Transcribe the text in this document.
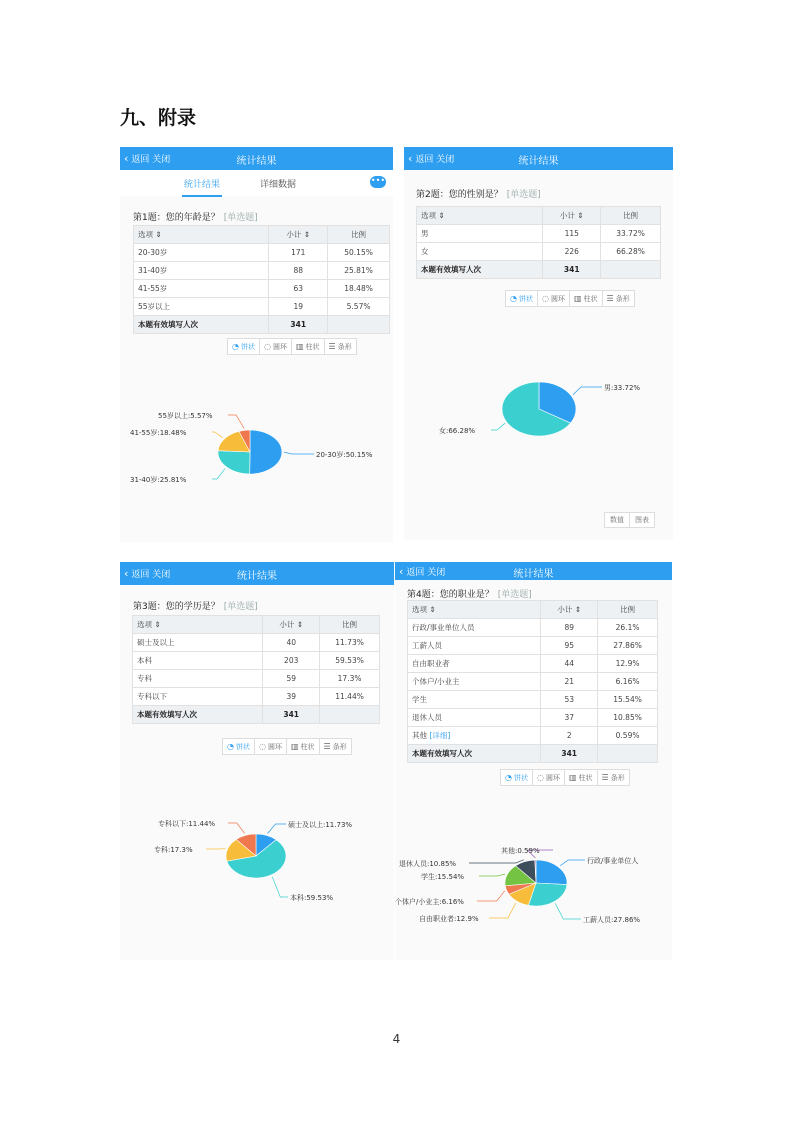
九、附录
‹ 返回 关闭	统计结果
统计结果	详细数据	•••
第1题：您的年龄是？ [单选题]
选项 ⇕	小计 ⇕	比例
20-30岁	171	50.15%
31-40岁	88	25.81%
41-55岁	63	18.48%
55岁以上	19	5.57%
本题有效填写人次	341	
◔ 饼状 ◌ 圆环 ▥ 柱状 ☰ 条形
20-30岁:50.15%
31-40岁:25.81%
41-55岁:18.48%
55岁以上:5.57%
‹ 返回 关闭	统计结果
第2题：您的性别是？ [单选题]
选项 ⇕	小计 ⇕	比例
男	115	33.72%
女	226	66.28%
本题有效填写人次	341	
◔ 饼状 ◌ 圆环 ▥ 柱状 ☰ 条形
男:33.72%
女:66.28%
数值	图表
‹ 返回 关闭	统计结果
第3题：您的学历是？ [单选题]
选项 ⇕	小计 ⇕	比例
硕士及以上	40	11.73%
本科	203	59.53%
专科	59	17.3%
专科以下	39	11.44%
本题有效填写人次	341	
◔ 饼状 ◌ 圆环 ▥ 柱状 ☰ 条形
硕士及以上:11.73%
本科:59.53%
专科:17.3%
专科以下:11.44%
‹ 返回 关闭	统计结果
第4题：您的职业是？ [单选题]
选项 ⇕	小计 ⇕	比例
行政/事业单位人员	89	26.1%
工薪人员	95	27.86%
自由职业者	44	12.9%
个体户/小业主	21	6.16%
学生	53	15.54%
退休人员	37	10.85%
其他 [详细]	2	0.59%
本题有效填写人次	341	
◔ 饼状 ◌ 圆环 ▥ 柱状 ☰ 条形
行政/事业单位人
工薪人员:27.86%
自由职业者:12.9%
个体户/小业主:6.16%
学生:15.54%
退休人员:10.85%
其他:0.59%
4
